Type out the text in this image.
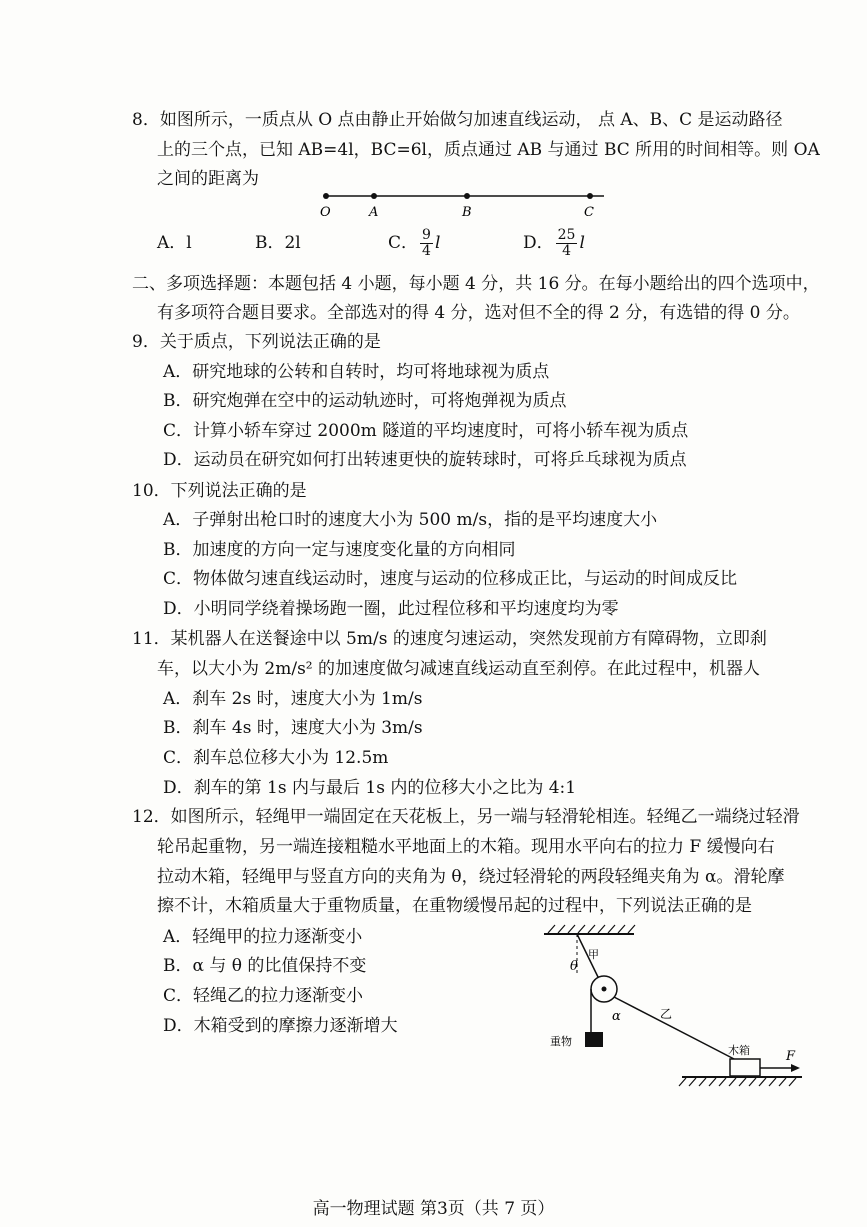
8．如图所示，一质点从 O 点由静止开始做匀加速直线运动， 点 A、B、C 是运动路径
上的三个点，已知 AB=4l，BC=6l，质点通过 AB 与通过 BC 所用的时间相等。则 OA
之间的距离为
O	A	B	C
A．l	B．2l	C． $\frac{9}{4}$ l	D． $\frac{25}{4}$ l
二、多项选择题：本题包括 4 小题，每小题 4 分，共 16 分。在每小题给出的四个选项中，
有多项符合题目要求。全部选对的得 4 分，选对但不全的得 2 分，有选错的得 0 分。
9．关于质点，下列说法正确的是
A．研究地球的公转和自转时，均可将地球视为质点
B．研究炮弹在空中的运动轨迹时，可将炮弹视为质点
C．计算小轿车穿过 2000m 隧道的平均速度时，可将小轿车视为质点
D．运动员在研究如何打出转速更快的旋转球时，可将乒乓球视为质点
10．下列说法正确的是
A．子弹射出枪口时的速度大小为 500 m/s，指的是平均速度大小
B．加速度的方向一定与速度变化量的方向相同
C．物体做匀速直线运动时，速度与运动的位移成正比，与运动的时间成反比
D．小明同学绕着操场跑一圈，此过程位移和平均速度均为零
11．某机器人在送餐途中以 5m/s 的速度匀速运动，突然发现前方有障碍物，立即刹
车，以大小为 2m/s² 的加速度做匀减速直线运动直至刹停。在此过程中，机器人
A．刹车 2s 时，速度大小为 1m/s
B．刹车 4s 时，速度大小为 3m/s
C．刹车总位移大小为 12.5m
D．刹车的第 1s 内与最后 1s 内的位移大小之比为 4:1
12．如图所示，轻绳甲一端固定在天花板上，另一端与轻滑轮相连。轻绳乙一端绕过轻滑
轮吊起重物，另一端连接粗糙水平地面上的木箱。现用水平向右的拉力 F 缓慢向右
拉动木箱，轻绳甲与竖直方向的夹角为 θ，绕过轻滑轮的两段轻绳夹角为 α。滑轮摩
擦不计，木箱质量大于重物质量，在重物缓慢吊起的过程中，下列说法正确的是
A．轻绳甲的拉力逐渐变小
B．α 与 θ 的比值保持不变
C．轻绳乙的拉力逐渐变小
D．木箱受到的摩擦力逐渐增大
θ
甲
重物
α	乙
木箱	F
高一物理试题 第3页（共 7 页）
